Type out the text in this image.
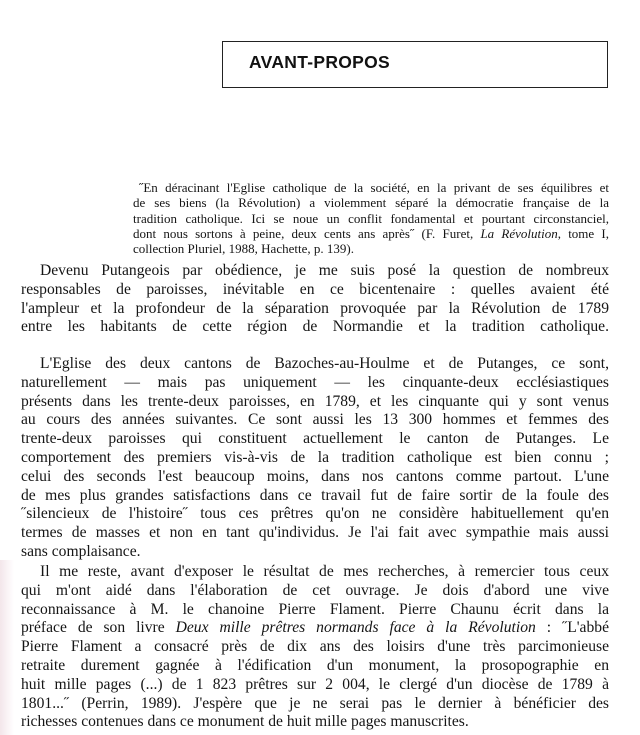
AVANT-PROPOS
˝En déracinant l'Eglise catholique de la société, en la privant de ses équilibres et
de ses biens (la Révolution) a violemment séparé la démocratie française de la
tradition catholique. Ici se noue un conflit fondamental et pourtant circonstanciel,
dont nous sortons à peine, deux cents ans après˝ (F. Furet, La Révolution, tome I,
collection Pluriel, 1988, Hachette, p. 139).
Devenu Putangeois par obédience, je me suis posé la question de nombreux
responsables de paroisses, inévitable en ce bicentenaire : quelles avaient été
l'ampleur et la profondeur de la séparation provoquée par la Révolution de 1789
entre les habitants de cette région de Normandie et la tradition catholique.
L'Eglise des deux cantons de Bazoches-au-Houlme et de Putanges, ce sont,
naturellement — mais pas uniquement — les cinquante-deux ecclésiastiques
présents dans les trente-deux paroisses, en 1789, et les cinquante qui y sont venus
au cours des années suivantes. Ce sont aussi les 13 300 hommes et femmes des
trente-deux paroisses qui constituent actuellement le canton de Putanges. Le
comportement des premiers vis-à-vis de la tradition catholique est bien connu ;
celui des seconds l'est beaucoup moins, dans nos cantons comme partout. L'une
de mes plus grandes satisfactions dans ce travail fut de faire sortir de la foule des
˝silencieux de l'histoire˝ tous ces prêtres qu'on ne considère habituellement qu'en
termes de masses et non en tant qu'individus. Je l'ai fait avec sympathie mais aussi
sans complaisance.
Il me reste, avant d'exposer le résultat de mes recherches, à remercier tous ceux
qui m'ont aidé dans l'élaboration de cet ouvrage. Je dois d'abord une vive
reconnaissance à M. le chanoine Pierre Flament. Pierre Chaunu écrit dans la
préface de son livre Deux mille prêtres normands face à la Révolution : ˝L'abbé
Pierre Flament a consacré près de dix ans des loisirs d'une très parcimonieuse
retraite durement gagnée à l'édification d'un monument, la prosopographie en
huit mille pages (...) de 1 823 prêtres sur 2 004, le clergé d'un diocèse de 1789 à
1801...˝ (Perrin, 1989). J'espère que je ne serai pas le dernier à bénéficier des
richesses contenues dans ce monument de huit mille pages manuscrites.
